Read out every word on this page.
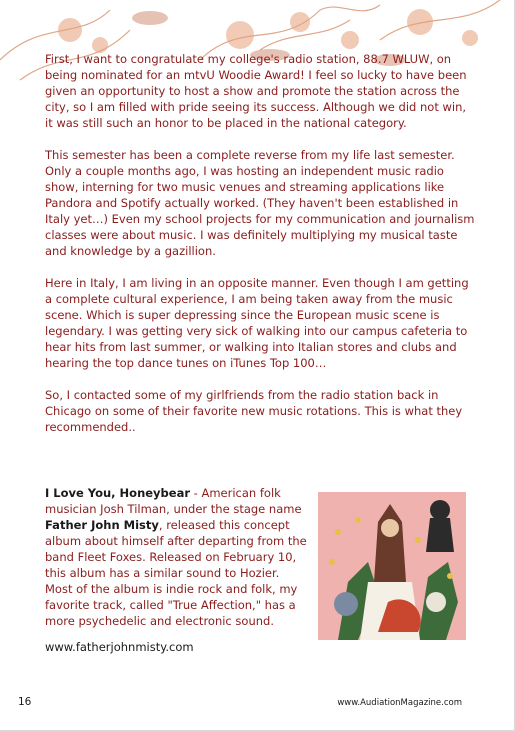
First, I want to congratulate my college's radio station, 88.7 WLUW, on being nominated for an mtvU Woodie Award! I feel so lucky to have been given an opportunity to host a show and promote the station across the city, so I am filled with pride seeing its success. Although we did not win, it was still such an honor to be placed in the national category.

This semester has been a complete reverse from my life last semester. Only a couple months ago, I was hosting an independent music radio show, interning for two music venues and streaming applications like Pandora and Spotify actually worked. (They haven't been established in Italy yet…) Even my school projects for my communication and journalism classes were about music. I was definitely multiplying my musical taste and knowledge by a gazillion.

Here in Italy, I am living in an opposite manner. Even though I am getting a complete cultural experience, I am being taken away from the music scene. Which is super depressing since the European music scene is legendary. I was getting very sick of walking into our campus cafeteria to hear hits from last summer, or walking into Italian stores and clubs and hearing the top dance tunes on iTunes Top 100…

So, I contacted some of my girlfriends from the radio station back in Chicago on some of their favorite new music rotations. This is what they recommended..

I Love You, Honeybear - American folk musician Josh Tilman, under the stage name Father John Misty, released this concept album about himself after departing from the band Fleet Foxes. Released on February 10, this album has a similar sound to Hozier. Most of the album is indie rock and folk, my favorite track, called "True Affection," has a more psychedelic and electronic sound.

www.fatherjohnmisty.com
16	www.AudiationMagazine.com
